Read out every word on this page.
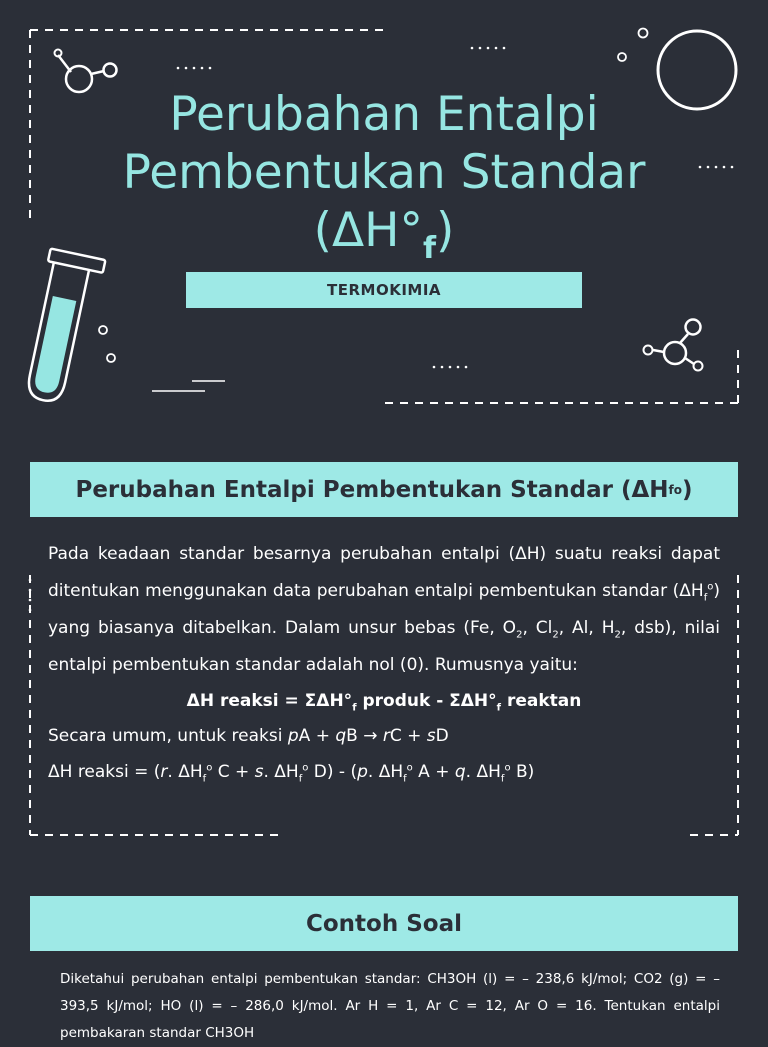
Perubahan Entalpi
Pembentukan Standar
$(\Delta H^\circ_f)$
TERMOKIMIA
Perubahan Entalpi Pembentukan Standar (ΔH f o )
Pada keadaan standar besarnya perubahan entalpi (ΔH) suatu reaksi dapat ditentukan menggunakan data perubahan entalpi pembentukan standar $(\Delta H_f^o)$ yang biasanya ditabelkan. Dalam unsur bebas (Fe, $O_2$, $Cl_2$, Al, $H_2$, dsb), nilai entalpi pembentukan standar adalah nol (0). Rumusnya yaitu:
ΔH reaksi = $\Sigma\Delta H^\circ_f$ produk - $\Sigma\Delta H^\circ_f$ reaktan
Secara umum, untuk reaksi pA + qB → rC + sD
ΔH reaksi = (r. $\Delta H_f^o$ C + s. $\Delta H_f^o$ D) - (p. $\Delta H_f^o$ A + q. $\Delta H_f^o$ B)
Contoh Soal
Diketahui perubahan entalpi pembentukan standar: CH3OH (l) = – 238,6 kJ/mol; CO2 (g) = – 393,5 kJ/mol; HO (l) = – 286,0 kJ/mol. Ar H = 1, Ar C = 12, Ar O = 16. Tentukan entalpi pembakaran standar CH3OH
